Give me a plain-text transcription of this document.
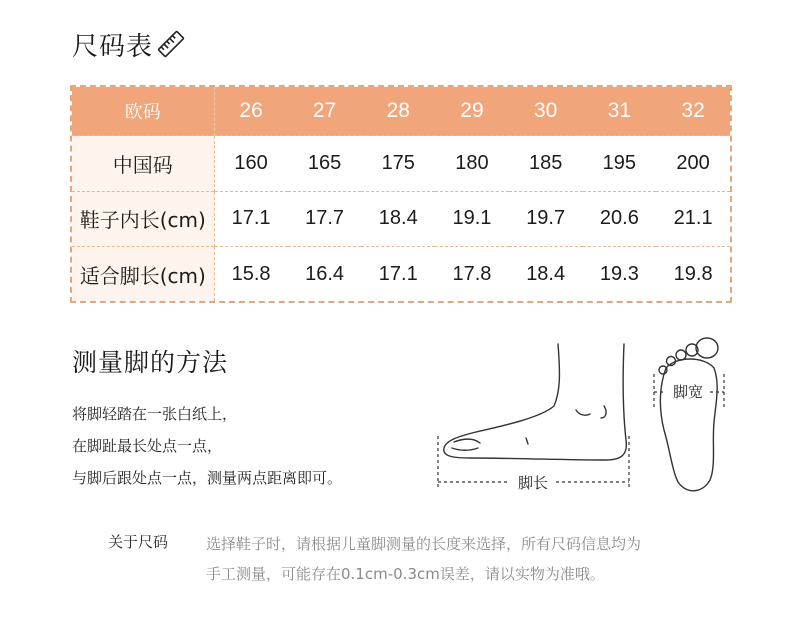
尺码表
欧码	26	27	28	29	30	31	32
中国码	160	165	175	180	185	195	200
鞋子内长(cm)	17.1	17.7	18.4	19.1	19.7	20.6	21.1
适合脚长(cm)	15.8	16.4	17.1	17.8	18.4	19.3	19.8
测量脚的方法
将脚轻踏在一张白纸上，
在脚趾最长处点一点，
与脚后跟处点一点，测量两点距离即可。	脚长
脚宽
关于尺码	选择鞋子时，请根据儿童脚测量的长度来选择，所有尺码信息均为
手工测量，可能存在0.1cm-0.3cm误差，请以实物为准哦。
